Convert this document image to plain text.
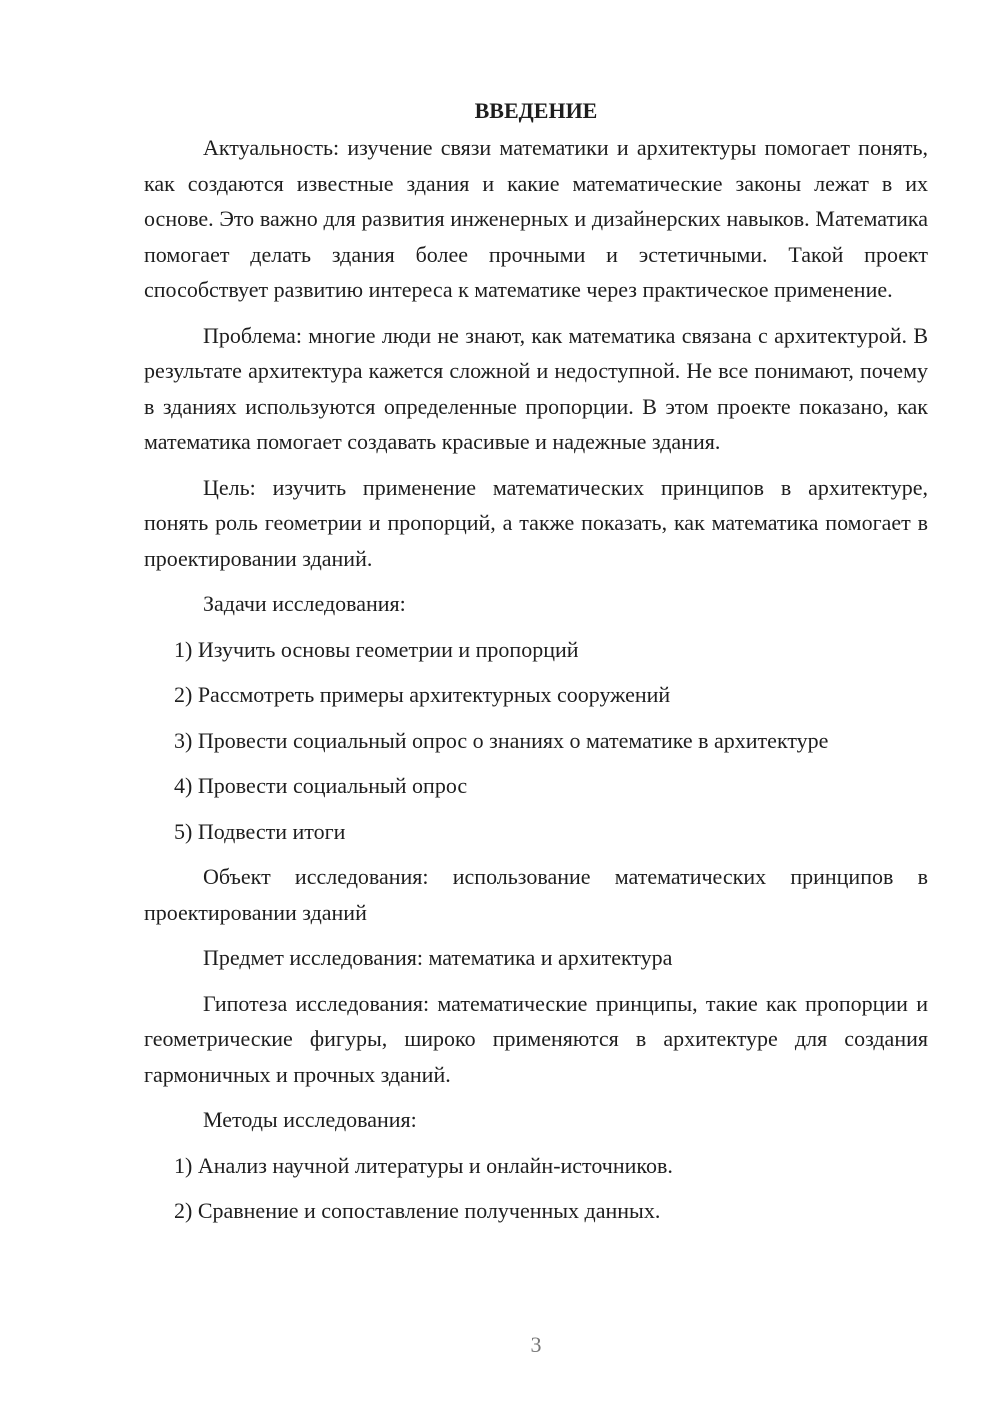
ВВЕДЕНИЕ

Актуальность: изучение связи математики и архитектуры помогает понять, как создаются известные здания и какие математические законы лежат в их основе. Это важно для развития инженерных и дизайнерских навыков. Математика помогает делать здания более прочными и эстетичными. Такой проект способствует развитию интереса к математике через практическое применение.

Проблема: многие люди не знают, как математика связана с архитектурой. В результате архитектура кажется сложной и недоступной. Не все понимают, почему в зданиях используются определенные пропорции. В этом проекте показано, как математика помогает создавать красивые и надежные здания.

Цель: изучить применение математических принципов в архитектуре, понять роль геометрии и пропорций, а также показать, как математика помогает в проектировании зданий.

Задачи исследования:

1) Изучить основы геометрии и пропорций

2) Рассмотреть примеры архитектурных сооружений

3) Провести социальный опрос о знаниях о математике в архитектуре

4) Провести социальный опрос

5) Подвести итоги

Объект исследования: использование математических принципов в проектировании зданий

Предмет исследования: математика и архитектура

Гипотеза исследования: математические принципы, такие как пропорции и геометрические фигуры, широко применяются в архитектуре для создания гармоничных и прочных зданий.

Методы исследования:

1) Анализ научной литературы и онлайн-источников.

2) Сравнение и сопоставление полученных данных.

3
